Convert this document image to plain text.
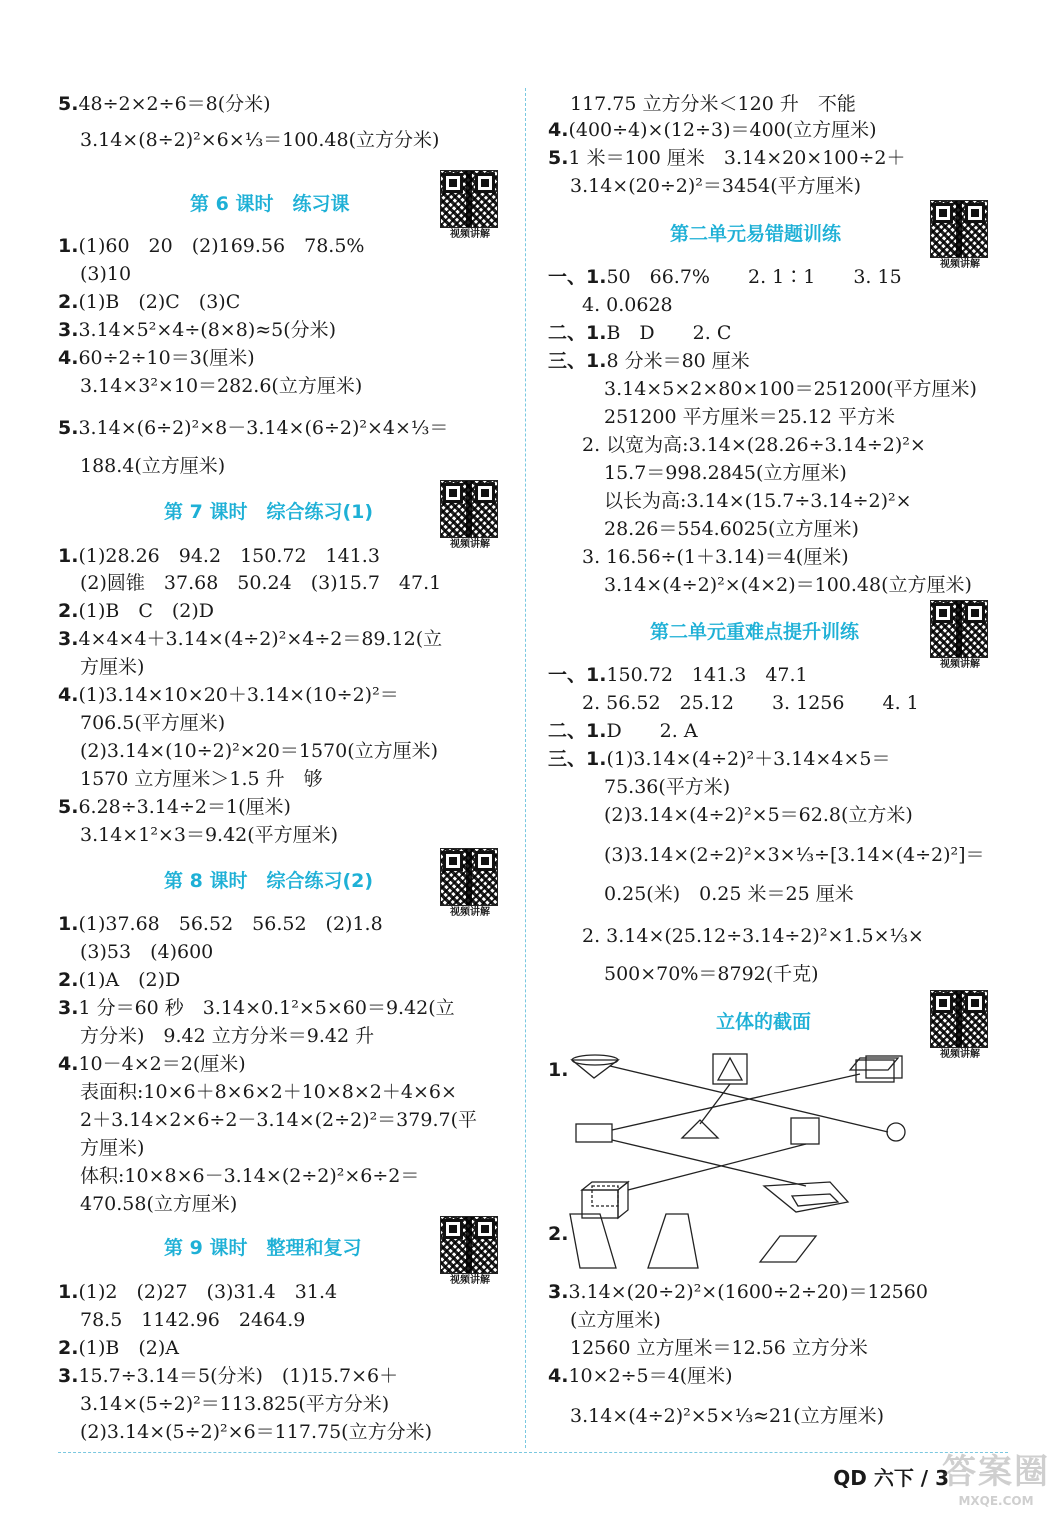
5.48÷2×2÷6＝8(分米)
3.14×(8÷2)²×6×⅓＝100.48(立方分米)
第 6 课时　练习课
1.(1)60　20　(2)169.56　78.5%
(3)10
2.(1)B　(2)C　(3)C
3.3.14×5²×4÷(8×8)≈5(分米)
4.60÷2÷10＝3(厘米)
3.14×3²×10＝282.6(立方厘米)
5.3.14×(6÷2)²×8－3.14×(6÷2)²×4×⅓＝
188.4(立方厘米)
第 7 课时　综合练习(1)
1.(1)28.26　94.2　150.72　141.3
(2)圆锥　37.68　50.24　(3)15.7　47.1
2.(1)B　C　(2)D
3.4×4×4＋3.14×(4÷2)²×4÷2＝89.12(立
方厘米)
4.(1)3.14×10×20＋3.14×(10÷2)²＝
706.5(平方厘米)
(2)3.14×(10÷2)²×20＝1570(立方厘米)
1570 立方厘米＞1.5 升　够
5.6.28÷3.14÷2＝1(厘米)
3.14×1²×3＝9.42(平方厘米)
第 8 课时　综合练习(2)
1.(1)37.68　56.52　56.52　(2)1.8
(3)53　(4)600
2.(1)A　(2)D
3.1 分＝60 秒　3.14×0.1²×5×60＝9.42(立
方分米)　9.42 立方分米＝9.42 升
4.10－4×2＝2(厘米)
表面积:10×6＋8×6×2＋10×8×2＋4×6×
2＋3.14×2×6÷2－3.14×(2÷2)²＝379.7(平
方厘米)
体积:10×8×6－3.14×(2÷2)²×6÷2＝
470.58(立方厘米)
第 9 课时　整理和复习
1.(1)2　(2)27　(3)31.4　31.4
78.5　1142.96　2464.9
2.(1)B　(2)A
3.15.7÷3.14＝5(分米)　(1)15.7×6＋
3.14×(5÷2)²＝113.825(平方分米)
(2)3.14×(5÷2)²×6＝117.75(立方分米)
视频讲解
视频讲解
视频讲解
视频讲解
117.75 立方分米＜120 升　不能
4.(400÷4)×(12÷3)＝400(立方厘米)
5.1 米＝100 厘米　3.14×20×100÷2＋
3.14×(20÷2)²＝3454(平方厘米)
第二单元易错题训练
一、1.50　66.7%　　2. 1∶1　　3. 15
4. 0.0628
二、1.B　D　　2. C
三、1.8 分米＝80 厘米
3.14×5×2×80×100＝251200(平方厘米)
251200 平方厘米＝25.12 平方米
2. 以宽为高:3.14×(28.26÷3.14÷2)²×
15.7＝998.2845(立方厘米)
以长为高:3.14×(15.7÷3.14÷2)²×
28.26＝554.6025(立方厘米)
3. 16.56÷(1＋3.14)＝4(厘米)
3.14×(4÷2)²×(4×2)＝100.48(立方厘米)
第二单元重难点提升训练
一、1.150.72　141.3　47.1
2. 56.52　25.12　　3. 1256　　4. 1
二、1.D　　2. A
三、1.(1)3.14×(4÷2)²＋3.14×4×5＝
75.36(平方米)
(2)3.14×(4÷2)²×5＝62.8(立方米)
(3)3.14×(2÷2)²×3×⅓÷[3.14×(4÷2)²]＝
0.25(米)　0.25 米＝25 厘米
2. 3.14×(25.12÷3.14÷2)²×1.5×⅓×
500×70%＝8792(千克)
立体的截面
1.
2.
3.3.14×(20÷2)²×(1600÷2÷20)＝12560
(立方厘米)
12560 立方厘米＝12.56 立方分米
4.10×2÷5＝4(厘米)
3.14×(4÷2)²×5×⅓≈21(立方厘米)
视频讲解
视频讲解
视频讲解
QD 六下 / 3
答案圈
MXQE.COM
